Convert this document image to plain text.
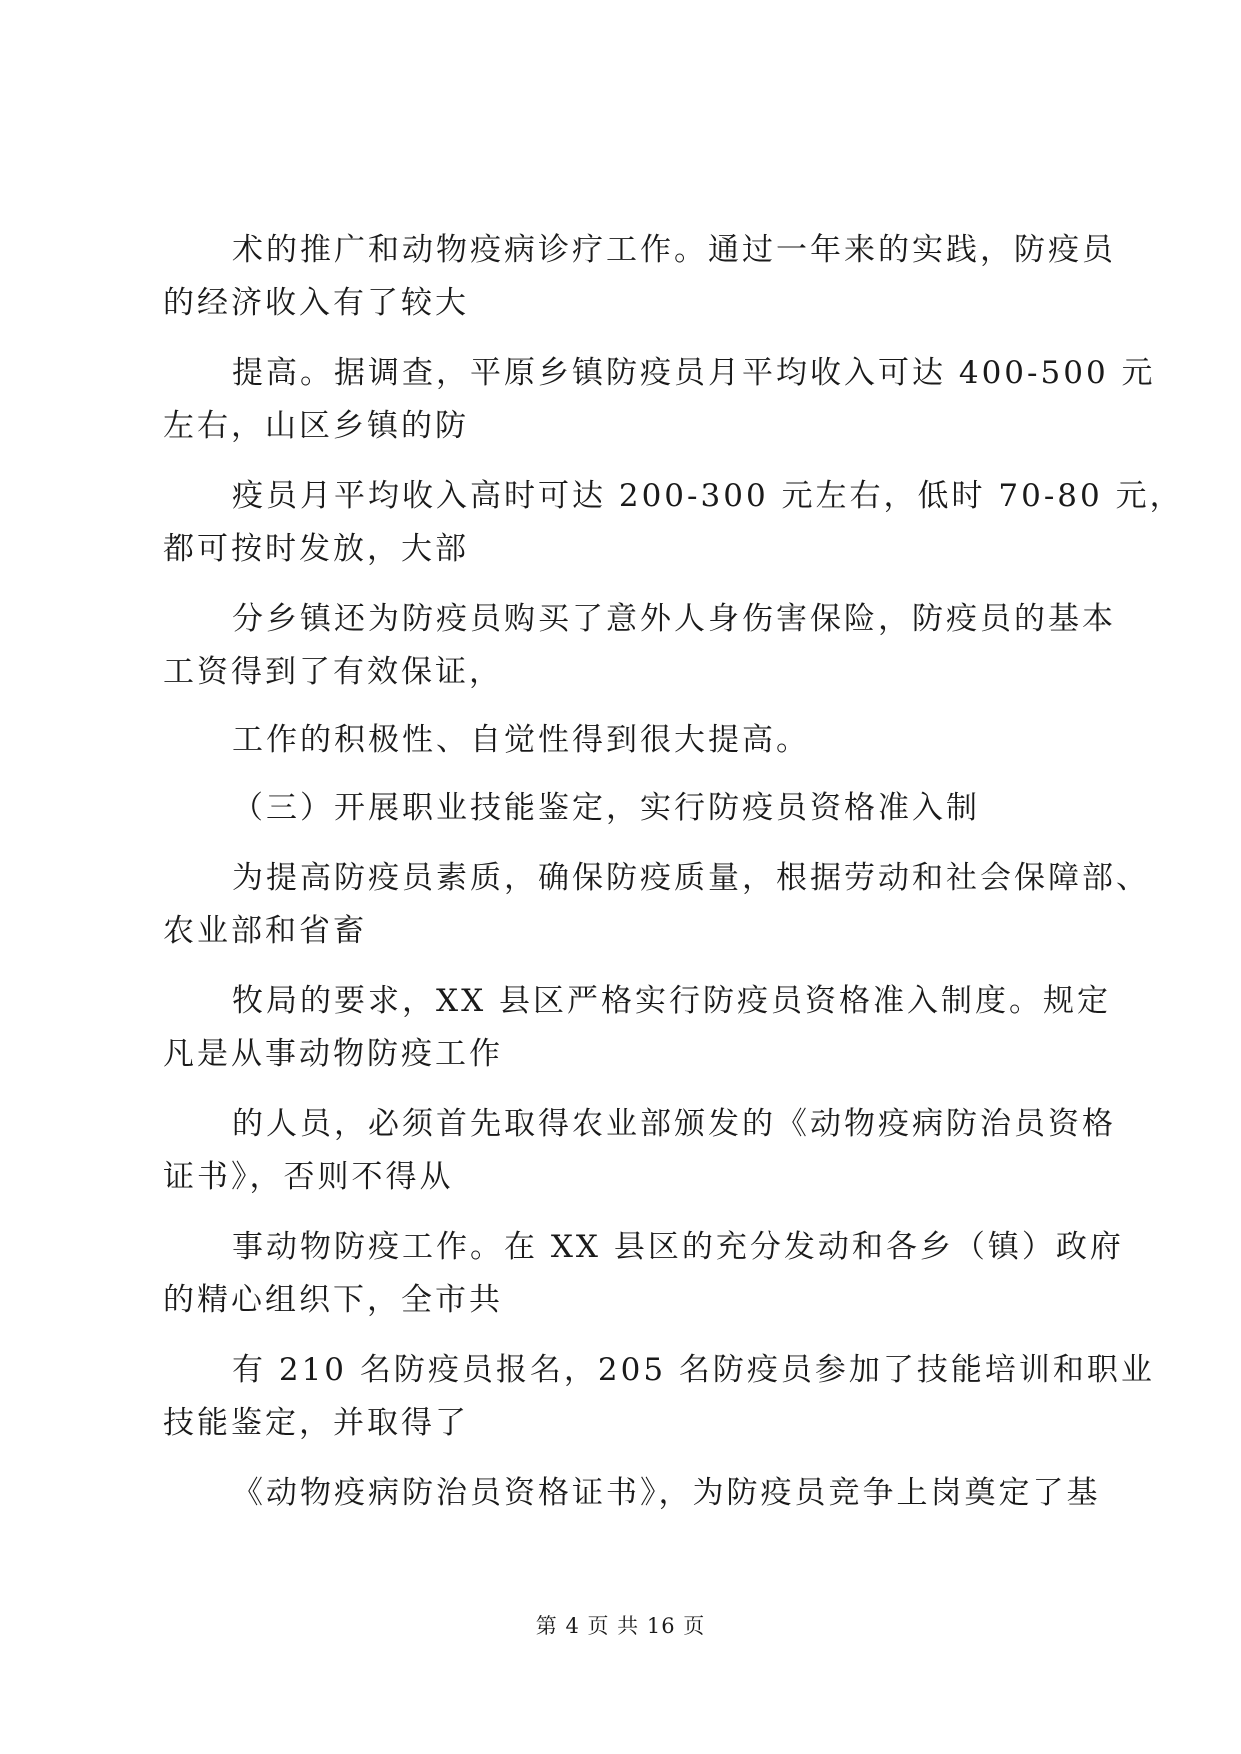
术的推广和动物疫病诊疗工作。通过一年来的实践，防疫员
的经济收入有了较大
提高。据调查，平原乡镇防疫员月平均收入可达 400-500 元
左右，山区乡镇的防
疫员月平均收入高时可达 200-300 元左右，低时 70-80 元，
都可按时发放，大部
分乡镇还为防疫员购买了意外人身伤害保险，防疫员的基本
工资得到了有效保证，
工作的积极性、自觉性得到很大提高。
（三）开展职业技能鉴定，实行防疫员资格准入制
为提高防疫员素质，确保防疫质量，根据劳动和社会保障部、
农业部和省畜
牧局的要求，XX 县区严格实行防疫员资格准入制度。规定
凡是从事动物防疫工作
的人员，必须首先取得农业部颁发的《动物疫病防治员资格
证书》，否则不得从
事动物防疫工作。在 XX 县区的充分发动和各乡（镇）政府
的精心组织下，全市共
有 210 名防疫员报名，205 名防疫员参加了技能培训和职业
技能鉴定，并取得了
《动物疫病防治员资格证书》，为防疫员竞争上岗奠定了基
第 4 页 共 16 页
